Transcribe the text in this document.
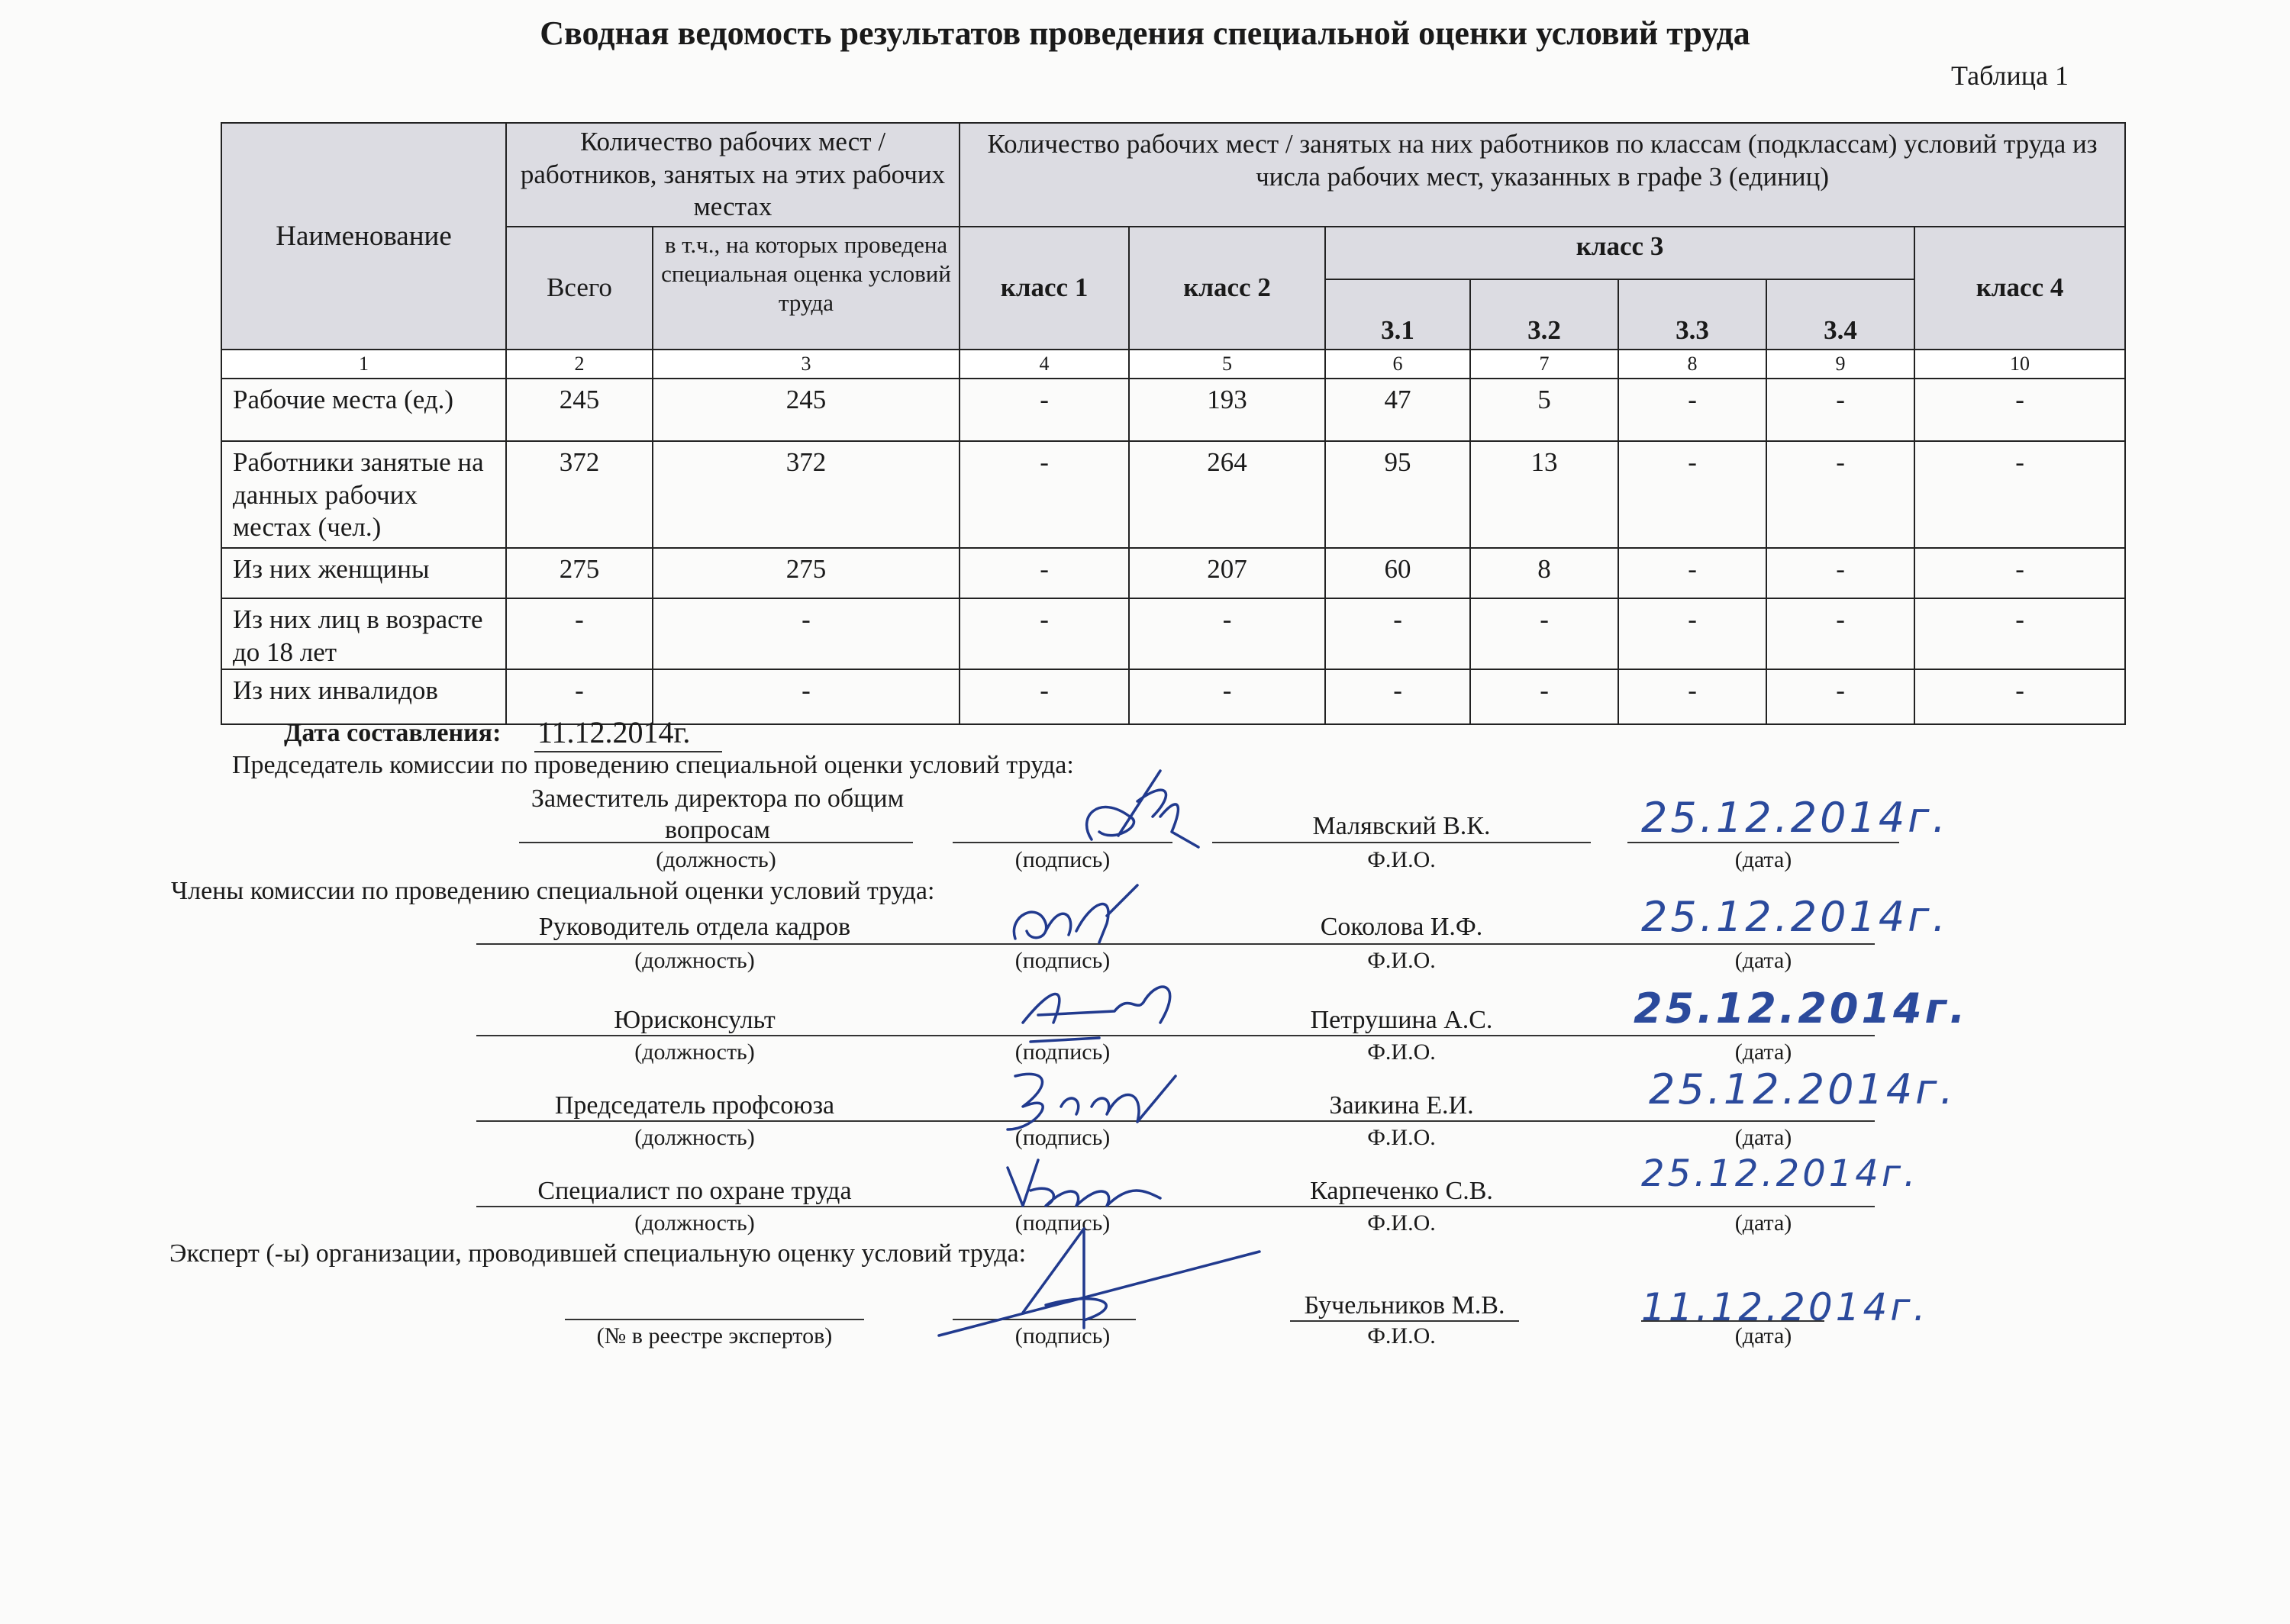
Сводная ведомость результатов проведения специальной оценки условий труда
Таблица 1
Наименование	Количество рабочих мест / работников, занятых на этих рабочих местах		Количество рабочих мест / занятых на них работников по классам (подклассам) условий труда из числа рабочих мест, указанных в графе 3 (единиц)						
	Всего	в т.ч., на которых проведена специальная оценка условий труда	класс 1	класс 2	класс 3				класс 4
					3.1	3.2	3.3	3.4	
1	2	3	4	5	6	7	8	9	10
Рабочие места (ед.)	245	245	-	193	47	5	-	-	-
Работники занятые на данных рабочих местах (чел.)	372	372	-	264	95	13	-	-	-
Из них женщины	275	275	-	207	60	8	-	-	-
Из них лиц в возрасте до 18 лет	-	-	-	-	-	-	-	-	-
Из них инвалидов	-	-	-	-	-	-	-	-	-
Дата составления: 11.12.2014г.
Председатель комиссии по проведению специальной оценки условий труда:
Заместитель директора по общим вопросам	Малявский В.К.	25.12.2014г.
(должность)	(подпись)	Ф.И.О.	(дата)
Члены комиссии по проведению специальной оценки условий труда:
Руководитель отдела кадров	Соколова И.Ф.	25.12.2014г.
(должность)	(подпись)	Ф.И.О.	(дата)
Юрисконсульт	Петрушина А.С.	25.12.2014г.
(должность)	(подпись)	Ф.И.О.	(дата)
Председатель профсоюза	Заикина Е.И.	25.12.2014г.
(должность)	(подпись)	Ф.И.О.	(дата)
Специалист по охране труда	Карпеченко С.В.	25.12.2014г.
(должность)	(подпись)	Ф.И.О.	(дата)
Эксперт (-ы) организации, проводившей специальную оценку условий труда:
Бучельников М.В.	11.12.2014г.
(№ в реестре экспертов)	(подпись)	Ф.И.О.	(дата)
